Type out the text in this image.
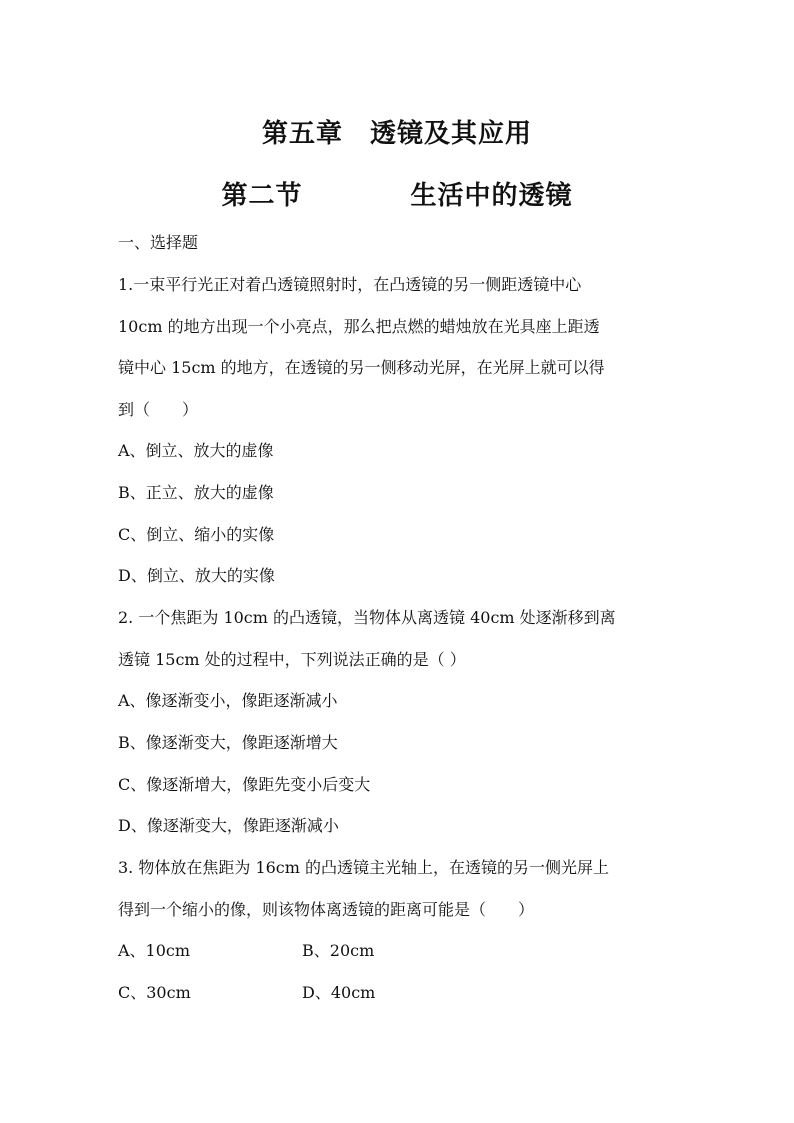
第五章　透镜及其应用
第二节	生活中的透镜
一、选择题
1.一束平行光正对着凸透镜照射时，在凸透镜的另一侧距透镜中心
10cm 的地方出现一个小亮点，那么把点燃的蜡烛放在光具座上距透
镜中心 15cm 的地方，在透镜的另一侧移动光屏，在光屏上就可以得
到（　　）
A、倒立、放大的虚像
B、正立、放大的虚像
C、倒立、缩小的实像
D、倒立、放大的实像
2. 一个焦距为 10cm 的凸透镜，当物体从离透镜 40cm 处逐渐移到离
透镜 15cm 处的过程中，下列说法正确的是（ ）
A、像逐渐变小，像距逐渐减小
B、像逐渐变大，像距逐渐增大
C、像逐渐增大，像距先变小后变大
D、像逐渐变大，像距逐渐减小
3. 物体放在焦距为 16cm 的凸透镜主光轴上，在透镜的另一侧光屏上
得到一个缩小的像，则该物体离透镜的距离可能是（　　）
A、10cm	B、20cm
C、30cm	D、40cm
